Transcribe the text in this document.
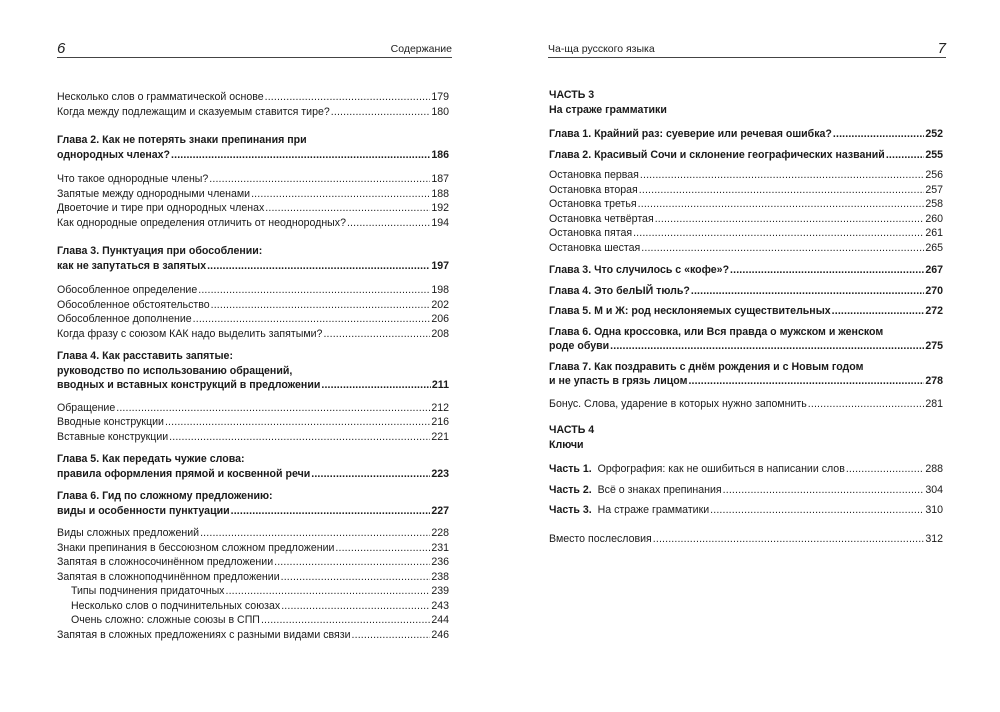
6	Содержание
Несколько слов о грамматической основе . . .	179
Когда между подлежащим и сказуемым ставится тире? . . .	180
Глава 2. Как не потерять знаки препинания при
однородных членах? . . .	186
Что такое однородные члены? . . .	187
Запятые между однородными членами . . .	188
Двоеточие и тире при однородных членах . . .	192
Как однородные определения отличить от неоднородных? . . .	194
Глава 3. Пунктуация при обособлении:
как не запутаться в запятых . . .	197
Обособленное определение . . .	198
Обособленное обстоятельство . . .	202
Обособленное дополнение . . .	206
Когда фразу с союзом КАК надо выделить запятыми? . . .	208
Глава 4. Как расставить запятые:
руководство по использованию обращений,
вводных и вставных конструкций в предложении . . .	211
Обращение . . .	212
Вводные конструкции . . .	216
Вставные конструкции . . .	221
Глава 5. Как передать чужие слова:
правила оформления прямой и косвенной речи . . .	223
Глава 6. Гид по сложному предложению:
виды и особенности пунктуации . . .	227
Виды сложных предложений . . .	228
Знаки препинания в бессоюзном сложном предложении . . .	231
Запятая в сложносочинённом предложении . . .	236
Запятая в сложноподчинённом предложении . . .	238
Типы подчинения придаточных . . .	239
Несколько слов о подчинительных союзах . . .	243
Очень сложно: сложные союзы в СПП . . .	244
Запятая в сложных предложениях с разными видами связи . . .	246
Ча-ща русского языка	7
ЧАСТЬ 3
На страже грамматики
Глава 1. Крайний раз: суеверие или речевая ошибка? . . .	252
Глава 2. Красивый Сочи и склонение географических названий . . .	255
Остановка первая . . .	256
Остановка вторая . . .	257
Остановка третья . . .	258
Остановка четвёртая . . .	260
Остановка пятая . . .	261
Остановка шестая . . .	265
Глава 3. Что случилось с «кофе»? . . .	267
Глава 4. Это белЫЙ тюль? . . .	270
Глава 5. М и Ж: род несклоняемых существительных . . .	272
Глава 6. Одна кроссовка, или Вся правда о мужском и женском
роде обуви . . .	275
Глава 7. Как поздравить с днём рождения и с Новым годом
и не упасть в грязь лицом . . .	278
Бонус. Слова, ударение в которых нужно запомнить . . .	281
ЧАСТЬ 4
Ключи
Часть 1. Орфография: как не ошибиться в написании слов . . .	288
Часть 2. Всё о знаках препинания . . .	304
Часть 3. На страже грамматики . . .	310
Вместо послесловия . . .	312
